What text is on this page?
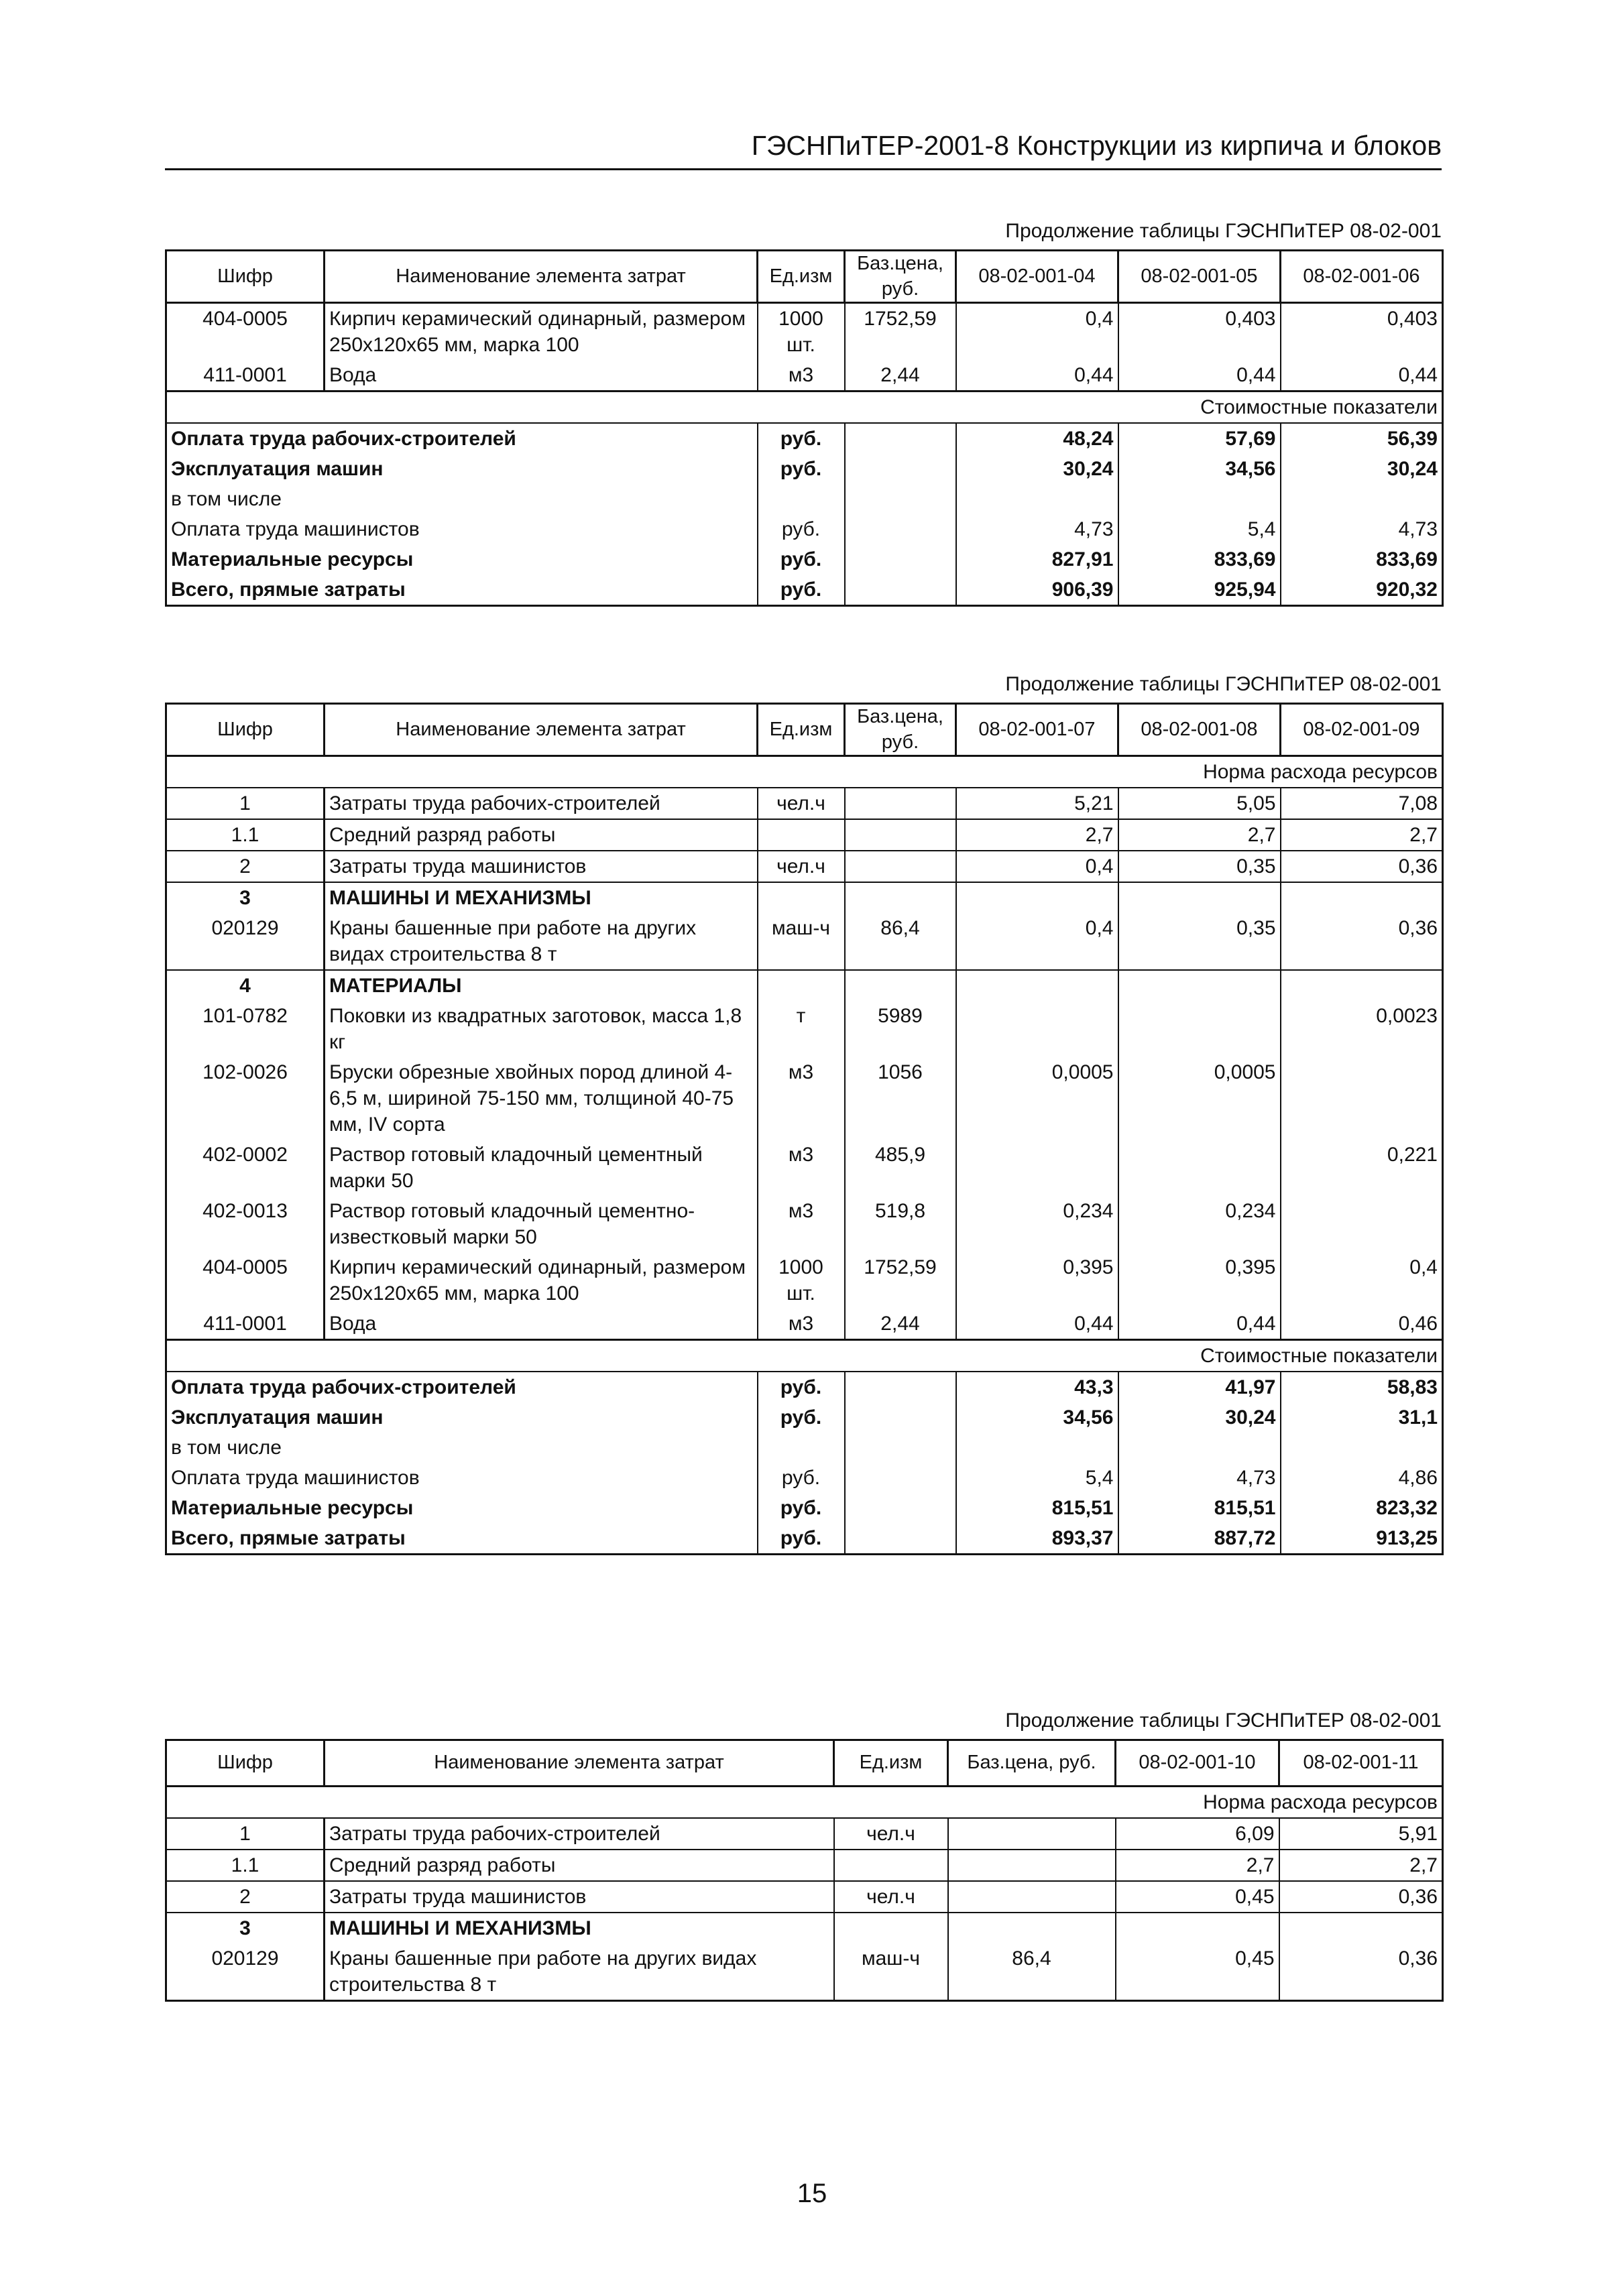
ГЭСНПиТЕР-2001-8 Конструкции из кирпича и блоков
Продолжение таблицы ГЭСНПиТЕР 08-02-001
Шифр	Наименование элемента затрат	Ед.изм	Баз.цена, руб.	08-02-001-04	08-02-001-05	08-02-001-06
404-0005	Кирпич керамический одинарный, размером 250х120х65 мм, марка 100	1000 шт.	1752,59	0,4	0,403	0,403
411-0001	Вода	м3	2,44	0,44	0,44	0,44
Стоимостные показатели						
Оплата труда рабочих-строителей		руб.		48,24	57,69	56,39
Эксплуатация машин		руб.		30,24	34,56	30,24
в том числе						
Оплата труда машинистов		руб.		4,73	5,4	4,73
Материальные ресурсы		руб.		827,91	833,69	833,69
Всего, прямые затраты		руб.		906,39	925,94	920,32
Продолжение таблицы ГЭСНПиТЕР 08-02-001
Шифр	Наименование элемента затрат	Ед.изм	Баз.цена, руб.	08-02-001-07	08-02-001-08	08-02-001-09
Норма расхода ресурсов						
1	Затраты труда рабочих-строителей	чел.ч		5,21	5,05	7,08
1.1	Средний разряд работы			2,7	2,7	2,7
2	Затраты труда машинистов	чел.ч		0,4	0,35	0,36
3	МАШИНЫ И МЕХАНИЗМЫ					
020129	Краны башенные при работе на других видах строительства 8 т	маш-ч	86,4	0,4	0,35	0,36
4	МАТЕРИАЛЫ					
101-0782	Поковки из квадратных заготовок, масса 1,8 кг	т	5989			0,0023
102-0026	Бруски обрезные хвойных пород длиной 4-6,5 м, шириной 75-150 мм, толщиной 40-75 мм, IV сорта	м3	1056	0,0005	0,0005	
402-0002	Раствор готовый кладочный цементный марки 50	м3	485,9			0,221
402-0013	Раствор готовый кладочный цементно-известковый марки 50	м3	519,8	0,234	0,234	
404-0005	Кирпич керамический одинарный, размером 250х120х65 мм, марка 100	1000 шт.	1752,59	0,395	0,395	0,4
411-0001	Вода	м3	2,44	0,44	0,44	0,46
Стоимостные показатели						
Оплата труда рабочих-строителей		руб.		43,3	41,97	58,83
Эксплуатация машин		руб.		34,56	30,24	31,1
в том числе						
Оплата труда машинистов		руб.		5,4	4,73	4,86
Материальные ресурсы		руб.		815,51	815,51	823,32
Всего, прямые затраты		руб.		893,37	887,72	913,25
Продолжение таблицы ГЭСНПиТЕР 08-02-001
Шифр	Наименование элемента затрат	Ед.изм	Баз.цена, руб.	08-02-001-10	08-02-001-11
Норма расхода ресурсов					
1	Затраты труда рабочих-строителей	чел.ч		6,09	5,91
1.1	Средний разряд работы			2,7	2,7
2	Затраты труда машинистов	чел.ч		0,45	0,36
3	МАШИНЫ И МЕХАНИЗМЫ				
020129	Краны башенные при работе на других видах строительства 8 т	маш-ч	86,4	0,45	0,36
15
